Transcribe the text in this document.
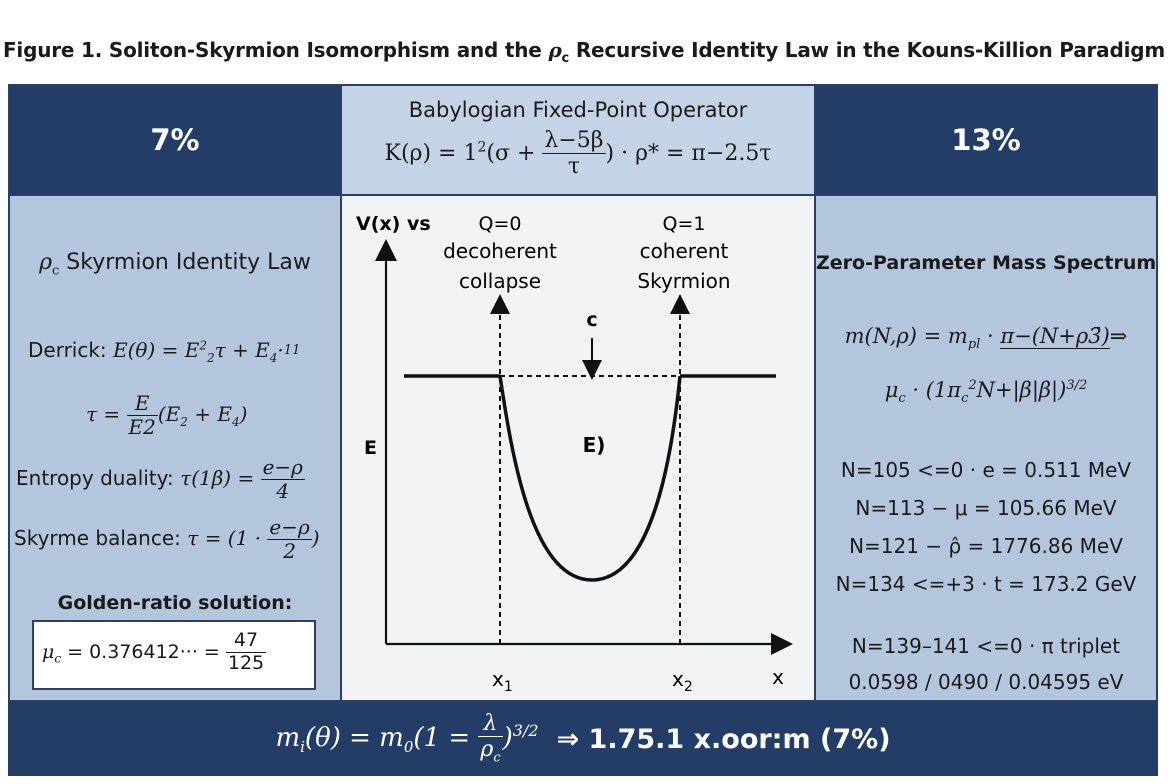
Figure 1. Soliton-Skyrmion Isomorphism and the $\rho_c$ Recursive Identity Law in the Kouns-Killion Paradigm
7%
Babylogian Fixed-Point Operator
$K(\rho) = 1^2(\sigma + \frac{\lambda-5\beta}{\tau}$ ) · ρ* = π−2.5τ	13%
$\rho_c$ Skyrmion Identity Law
Derrick: $E(\theta) = E^2_2\tau + E_4\cdot 11$
$\tau = \frac{E}{E2} (E_2 + E_4)$
Entropy duality: $\tau(1\beta) = \frac{e-\rho}{4}$
Skyrme balance: $\tau = (1 \cdot \frac{e-\rho}{2}$ )
Golden-ratio solution:
$\mu_c = 0.376412\cdot\cdot\cdot = \frac{47}{125}$
V(x) vs	Q=0
decoherent
collapse
Q=1
coherent
Skyrmion
c
E	E)
$x_1$	$x_2$	x
Zero-Parameter Mass Spectrum
$m(N,\rho) = m_{pl}$ · π−(N+ρ3̄)⇒
$\mu_c \cdot (1\pi_c^2N+|\beta|\beta|)^{3/2}$
N=105 <=0 · e = 0.511 MeV
N=113 − μ = 105.66 MeV
N=121 − ρ̂ = 1776.86 MeV
N=134 <=+3 · t = 173.2 GeV
N=139–141 <=0 · π triplet
0.0598 / 0490 / 0.04595 eV
$m_i(\theta) = m_0(1 = \frac{\lambda}{\rho_c} )^{3/2}$ ⇒ 1.75.1 x.oor:m (7%)
